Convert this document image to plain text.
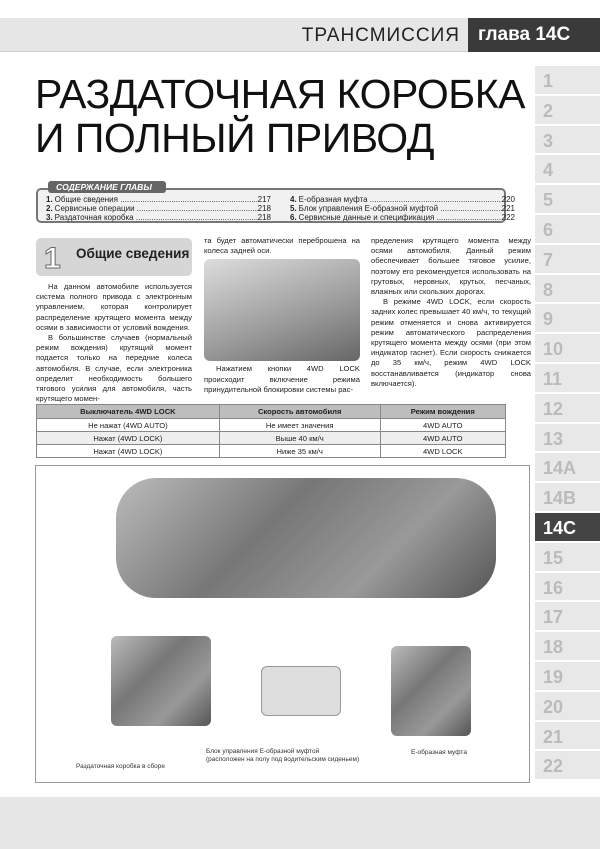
ТРАНСМИССИЯ глава 14С
РАЗДАТОЧНАЯ КОРОБКА
И ПОЛНЫЙ ПРИВОД
1
2
3
4
5
6
7
8
9
10
11
12
13
14A
14B
14C
15
16
17
18
19
20
21
22
СОДЕРЖАНИЕ ГЛАВЫ
1. Общие сведения .....	217
2. Сервисные операции .....	218
3. Раздаточная коробка .....	218
4. Е-образная муфта .....	220
5. Блок управления Е-образной муфтой .....	221
6. Сервисные данные и спецификация .....	222
1 Общие сведения

На данном автомобиле используется система полного привода с электронным управлением, которая контролирует распределение крутящего момента между осями в зависимости от условий вождения.

В большинстве случаев (нормальный режим вождения) крутящий момент подается только на передние колеса автомобиля. В случае, если электроника определит необходимость большего тягового усилия для автомобиля, часть крутящего момен-

та будет автоматически переброшена на колеса задней оси.

Нажатием кнопки 4WD LOCK происходит включение режима принудительной блокировки системы рас-

пределения крутящего момента между осями автомобиля. Данный режим обеспечивает большее тяговое усилие, поэтому его рекомендуется использовать на грутовых, неровных, крутых, песчаных, влажных или скользких дорогах.

В режиме 4WD LOCK, если скорость задних колес превышает 40 км/ч, то текущий режим отменяется и снова активируется режим автоматического распределения крутящего момента между осями (при этом индикатор гаснет). Если скорость снижается до 35 км/ч, режим 4WD LOCK восстанавливается (индикатор снова включается).

Выключатель 4WD LOCK	Скорость автомобиля	Режим вождения
Не нажат (4WD AUTO)	Не имеет значения	4WD AUTO
Нажат (4WD LOCK)	Выше 40 км/ч	4WD AUTO
Нажат (4WD LOCK)	Ниже 35 км/ч	4WD LOCK
Раздаточная коробка в сборе
Блок управления Е-образной муфтой
(расположен на полу под водительским сиденьем)
Е-образная муфта
